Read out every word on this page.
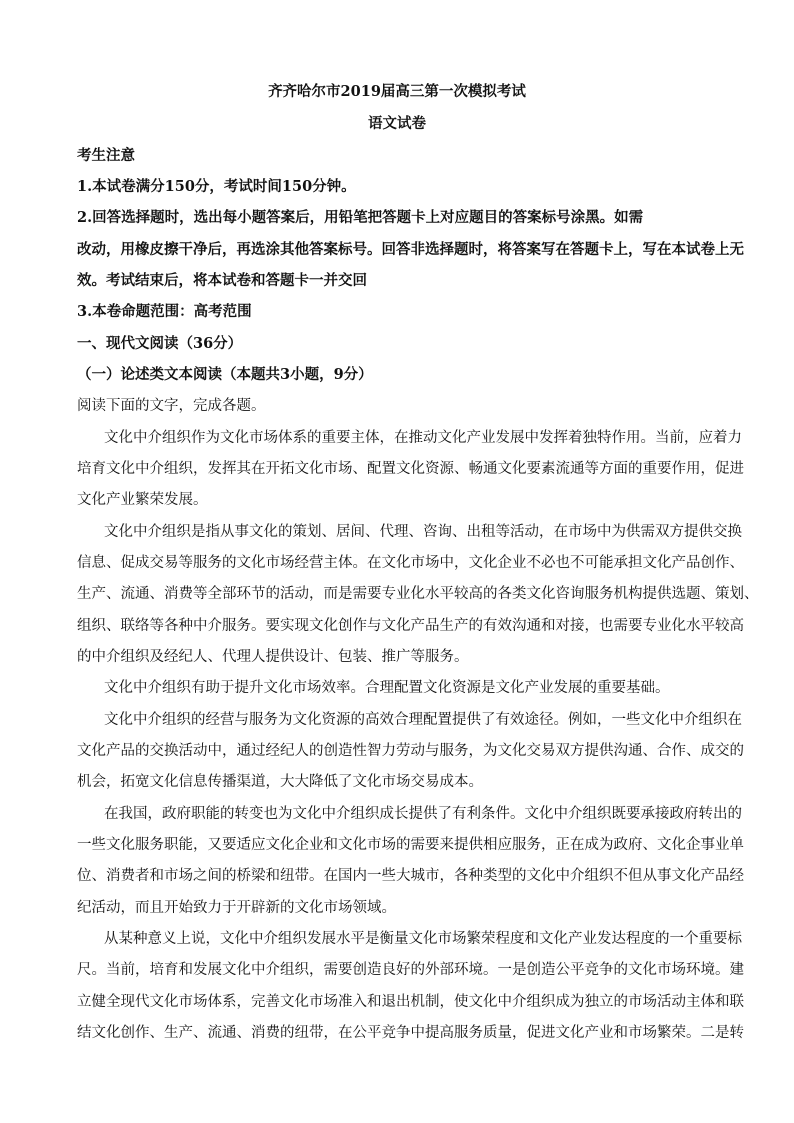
齐齐哈尔市2019届高三第一次模拟考试
语文试卷
考生注意
1.本试卷满分150分，考试时间150分钟。
2.回答选择题时，选出每小题答案后，用铅笔把答题卡上对应题目的答案标号涂黑。如需
改动，用橡皮擦干净后，再选涂其他答案标号。回答非选择题时，将答案写在答题卡上，写在本试卷上无
效。考试结束后，将本试卷和答题卡一并交回
3.本卷命题范围：高考范围
一、现代文阅读（36分）
（一）论述类文本阅读（本题共3小题，9分）
阅读下面的文字，完成各题。
文化中介组织作为文化市场体系的重要主体，在推动文化产业发展中发挥着独特作用。当前，应着力
培育文化中介组织，发挥其在开拓文化市场、配置文化资源、畅通文化要素流通等方面的重要作用，促进
文化产业繁荣发展。
文化中介组织是指从事文化的策划、居间、代理、咨询、出租等活动，在市场中为供需双方提供交换
信息、促成交易等服务的文化市场经营主体。在文化市场中，文化企业不必也不可能承担文化产品创作、
生产、流通、消费等全部环节的活动，而是需要专业化水平较高的各类文化咨询服务机构提供选题、策划、
组织、联络等各种中介服务。要实现文化创作与文化产品生产的有效沟通和对接，也需要专业化水平较高
的中介组织及经纪人、代理人提供设计、包装、推广等服务。
文化中介组织有助于提升文化市场效率。合理配置文化资源是文化产业发展的重要基础。
文化中介组织的经营与服务为文化资源的高效合理配置提供了有效途径。例如，一些文化中介组织在
文化产品的交换活动中，通过经纪人的创造性智力劳动与服务，为文化交易双方提供沟通、合作、成交的
机会，拓宽文化信息传播渠道，大大降低了文化市场交易成本。
在我国，政府职能的转变也为文化中介组织成长提供了有利条件。文化中介组织既要承接政府转出的
一些文化服务职能，又要适应文化企业和文化市场的需要来提供相应服务，正在成为政府、文化企事业单
位、消费者和市场之间的桥梁和纽带。在国内一些大城市，各种类型的文化中介组织不但从事文化产品经
纪活动，而且开始致力于开辟新的文化市场领域。
从某种意义上说，文化中介组织发展水平是衡量文化市场繁荣程度和文化产业发达程度的一个重要标
尺。当前，培育和发展文化中介组织，需要创造良好的外部环境。一是创造公平竞争的文化市场环境。建
立健全现代文化市场体系，完善文化市场准入和退出机制，使文化中介组织成为独立的市场活动主体和联
结文化创作、生产、流通、消费的纽带，在公平竞争中提高服务质量，促进文化产业和市场繁荣。二是转
